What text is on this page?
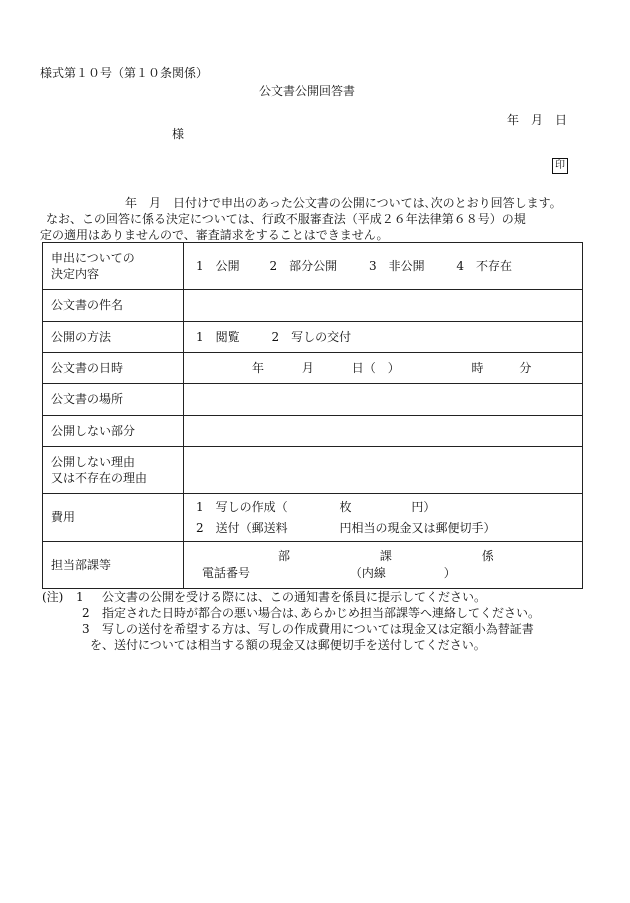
様式第１０号（第１０条関係）
公文書公開回答書
年　月　日
様
印
年　月　日付けで申出のあった公文書の公開については､次のとおり回答します。
なお、この回答に係る決定については、行政不服審査法（平成２６年法律第６８号）の規
定の適用はありませんので、審査請求をすることはできません。
申出についての
決定内容	1　公開 2　部分公開 3　非公開 4　不存在
公文書の件名	
公開の方法	1　閲覧 2　写しの交付
公文書の日時	年 月 日（　） 時 分
公文書の場所	
公開しない部分	

公開しない理由
又は不存在の理由	

費用	1　写しの作成（ 枚 円）
2　送付（郵送料 円相当の現金又は郵便切手）

担当部課等	部 課 係
電話番号 （内線 ）
(注) 1 公文書の公開を受ける際には、この通知書を係員に提示してください。
2 指定された日時が都合の悪い場合は､あらかじめ担当部課等へ連絡してください。
3 写しの送付を希望する方は、写しの作成費用については現金又は定額小為替証書
を、送付については相当する額の現金又は郵便切手を送付してください。
